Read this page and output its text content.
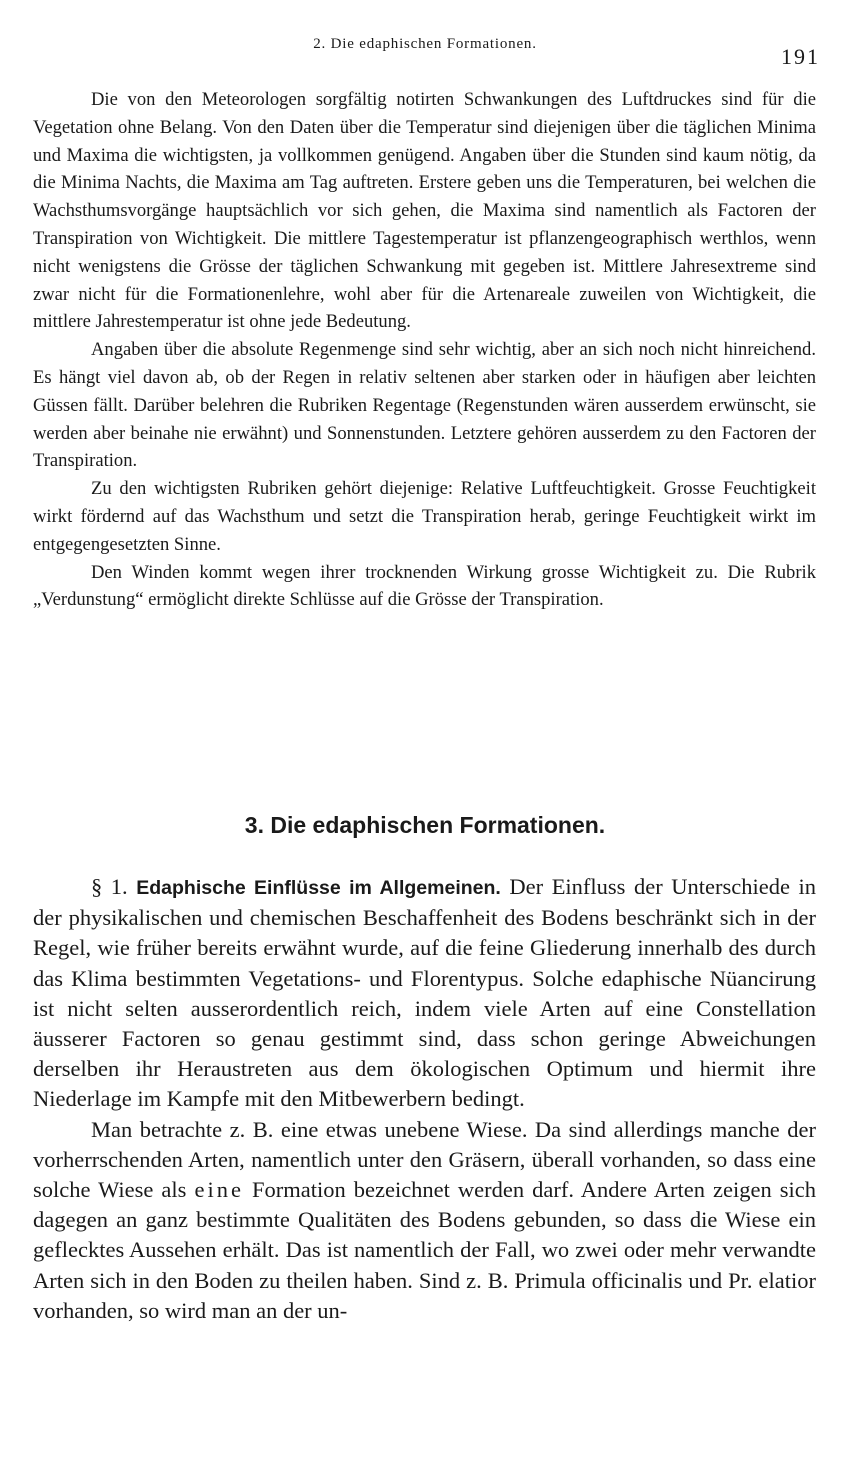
2. Die edaphischen Formationen.	191

Die von den Meteorologen sorgfältig notirten Schwankungen des Luftdruckes sind für die Vegetation ohne Belang. Von den Daten über die Temperatur sind diejenigen über die täglichen Minima und Maxima die wichtigsten, ja vollkommen genügend. Angaben über die Stunden sind kaum nötig, da die Minima Nachts, die Maxima am Tag auftreten. Erstere geben uns die Temperaturen, bei welchen die Wachsthumsvorgänge hauptsächlich vor sich gehen, die Maxima sind namentlich als Factoren der Transpiration von Wichtigkeit. Die mittlere Tagestemperatur ist pflanzengeographisch werthlos, wenn nicht wenigstens die Grösse der täglichen Schwankung mit gegeben ist. Mittlere Jahresextreme sind zwar nicht für die Formationenlehre, wohl aber für die Artenareale zuweilen von Wichtigkeit, die mittlere Jahrestemperatur ist ohne jede Bedeutung.

Angaben über die absolute Regenmenge sind sehr wichtig, aber an sich noch nicht hinreichend. Es hängt viel davon ab, ob der Regen in relativ seltenen aber starken oder in häufigen aber leichten Güssen fällt. Darüber belehren die Rubriken Regentage (Regenstunden wären ausserdem erwünscht, sie werden aber beinahe nie erwähnt) und Sonnenstunden. Letztere gehören ausserdem zu den Factoren der Transpiration.

Zu den wichtigsten Rubriken gehört diejenige: Relative Luftfeuchtigkeit. Grosse Feuchtigkeit wirkt fördernd auf das Wachsthum und setzt die Transpiration herab, geringe Feuchtigkeit wirkt im entgegengesetzten Sinne.

Den Winden kommt wegen ihrer trocknenden Wirkung grosse Wichtigkeit zu. Die Rubrik „Verdunstung“ ermöglicht direkte Schlüsse auf die Grösse der Transpiration.

3. Die edaphischen Formationen.

§ 1. Edaphische Einflüsse im Allgemeinen. Der Einfluss der Unterschiede in der physikalischen und chemischen Beschaffenheit des Bodens beschränkt sich in der Regel, wie früher bereits erwähnt wurde, auf die feine Gliederung innerhalb des durch das Klima bestimmten Vegetations- und Florentypus. Solche edaphische Nüancirung ist nicht selten ausserordentlich reich, indem viele Arten auf eine Constellation äusserer Factoren so genau gestimmt sind, dass schon geringe Abweichungen derselben ihr Heraustreten aus dem ökologischen Optimum und hiermit ihre Niederlage im Kampfe mit den Mitbewerbern bedingt.

Man betrachte z. B. eine etwas unebene Wiese. Da sind allerdings manche der vorherrschenden Arten, namentlich unter den Gräsern, überall vorhanden, so dass eine solche Wiese als eine Formation bezeichnet werden darf. Andere Arten zeigen sich dagegen an ganz bestimmte Qualitäten des Bodens gebunden, so dass die Wiese ein geflecktes Aussehen erhält. Das ist namentlich der Fall, wo zwei oder mehr verwandte Arten sich in den Boden zu theilen haben. Sind z. B. Primula officinalis und Pr. elatior vorhanden, so wird man an der un-
